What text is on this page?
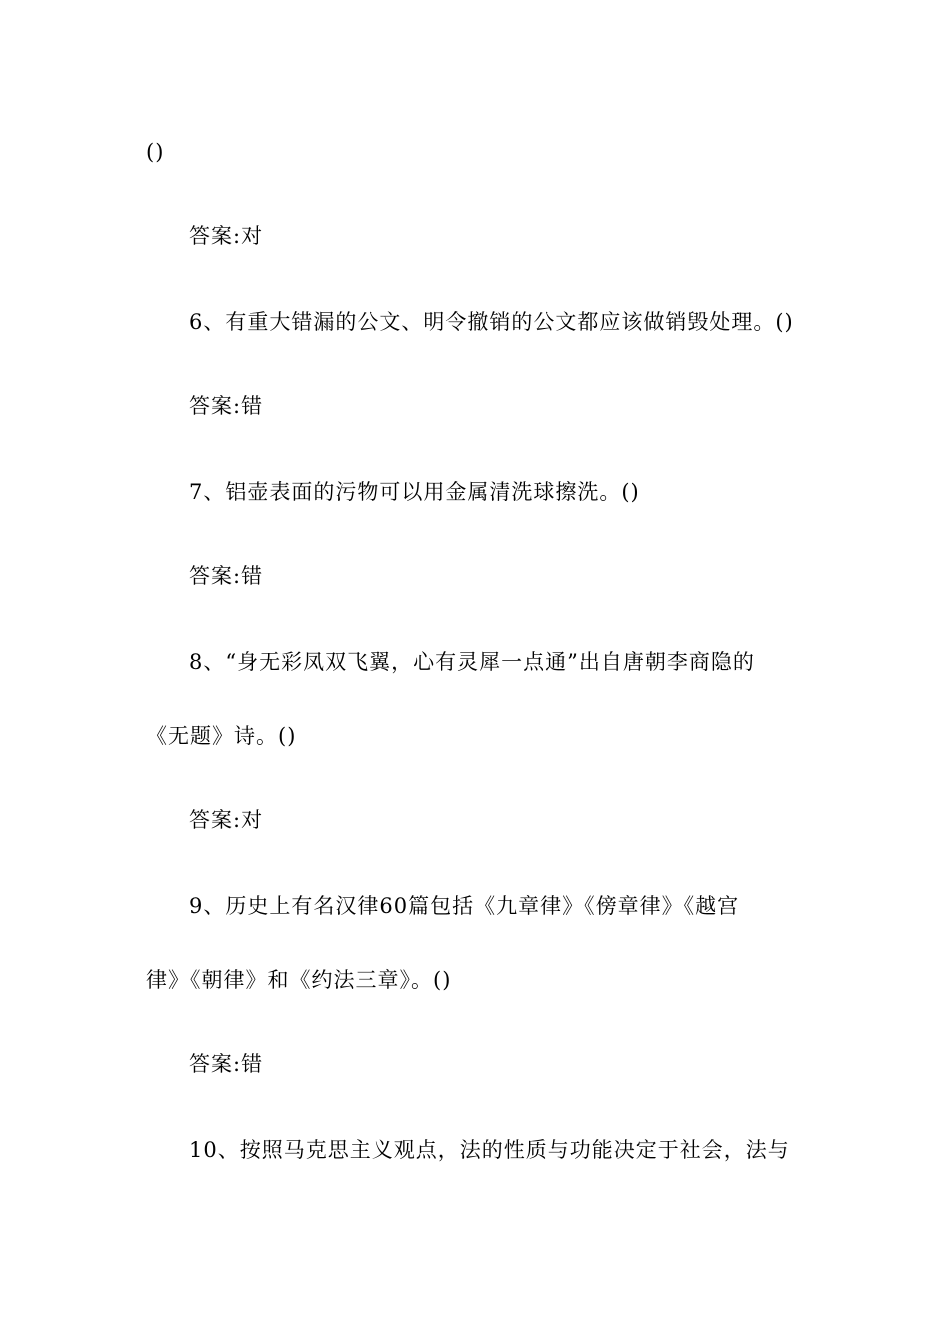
()
答案:对
6、有重大错漏的公文、明令撤销的公文都应该做销毁处理。()
答案:错
7、铝壶表面的污物可以用金属清洗球擦洗。()
答案:错
8、“身无彩凤双飞翼，心有灵犀一点通”出自唐朝李商隐的
《无题》诗。()
答案:对
9、历史上有名汉律60篇包括《九章律》《傍章律》《越宫
律》《朝律》和《约法三章》。()
答案:错
10、按照马克思主义观点，法的性质与功能决定于社会，法与
